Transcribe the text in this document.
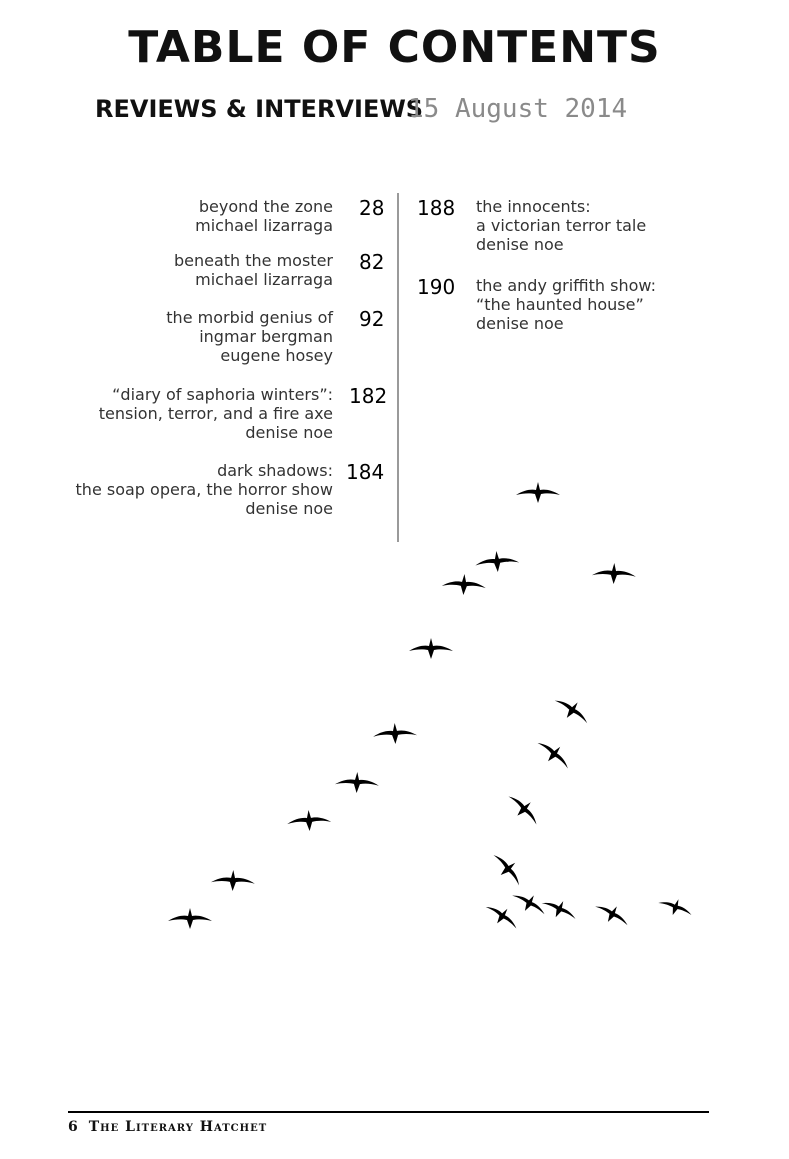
TABLE OF CONTENTS
REVIEWS & INTERVIEWS
15 August 2014
beyond the zone
michael lizarraga
28
beneath the moster
michael lizarraga
82
the morbid genius of
ingmar bergman
eugene hosey
92
“diary of saphoria winters”:
tension, terror, and a fire axe
denise noe
182
dark shadows:
the soap opera, the horror show
denise noe
184
188 the innocents:
a victorian terror tale
denise noe
190 the andy griffith show:
“the haunted house”
denise noe
6 The Literary Hatchet
